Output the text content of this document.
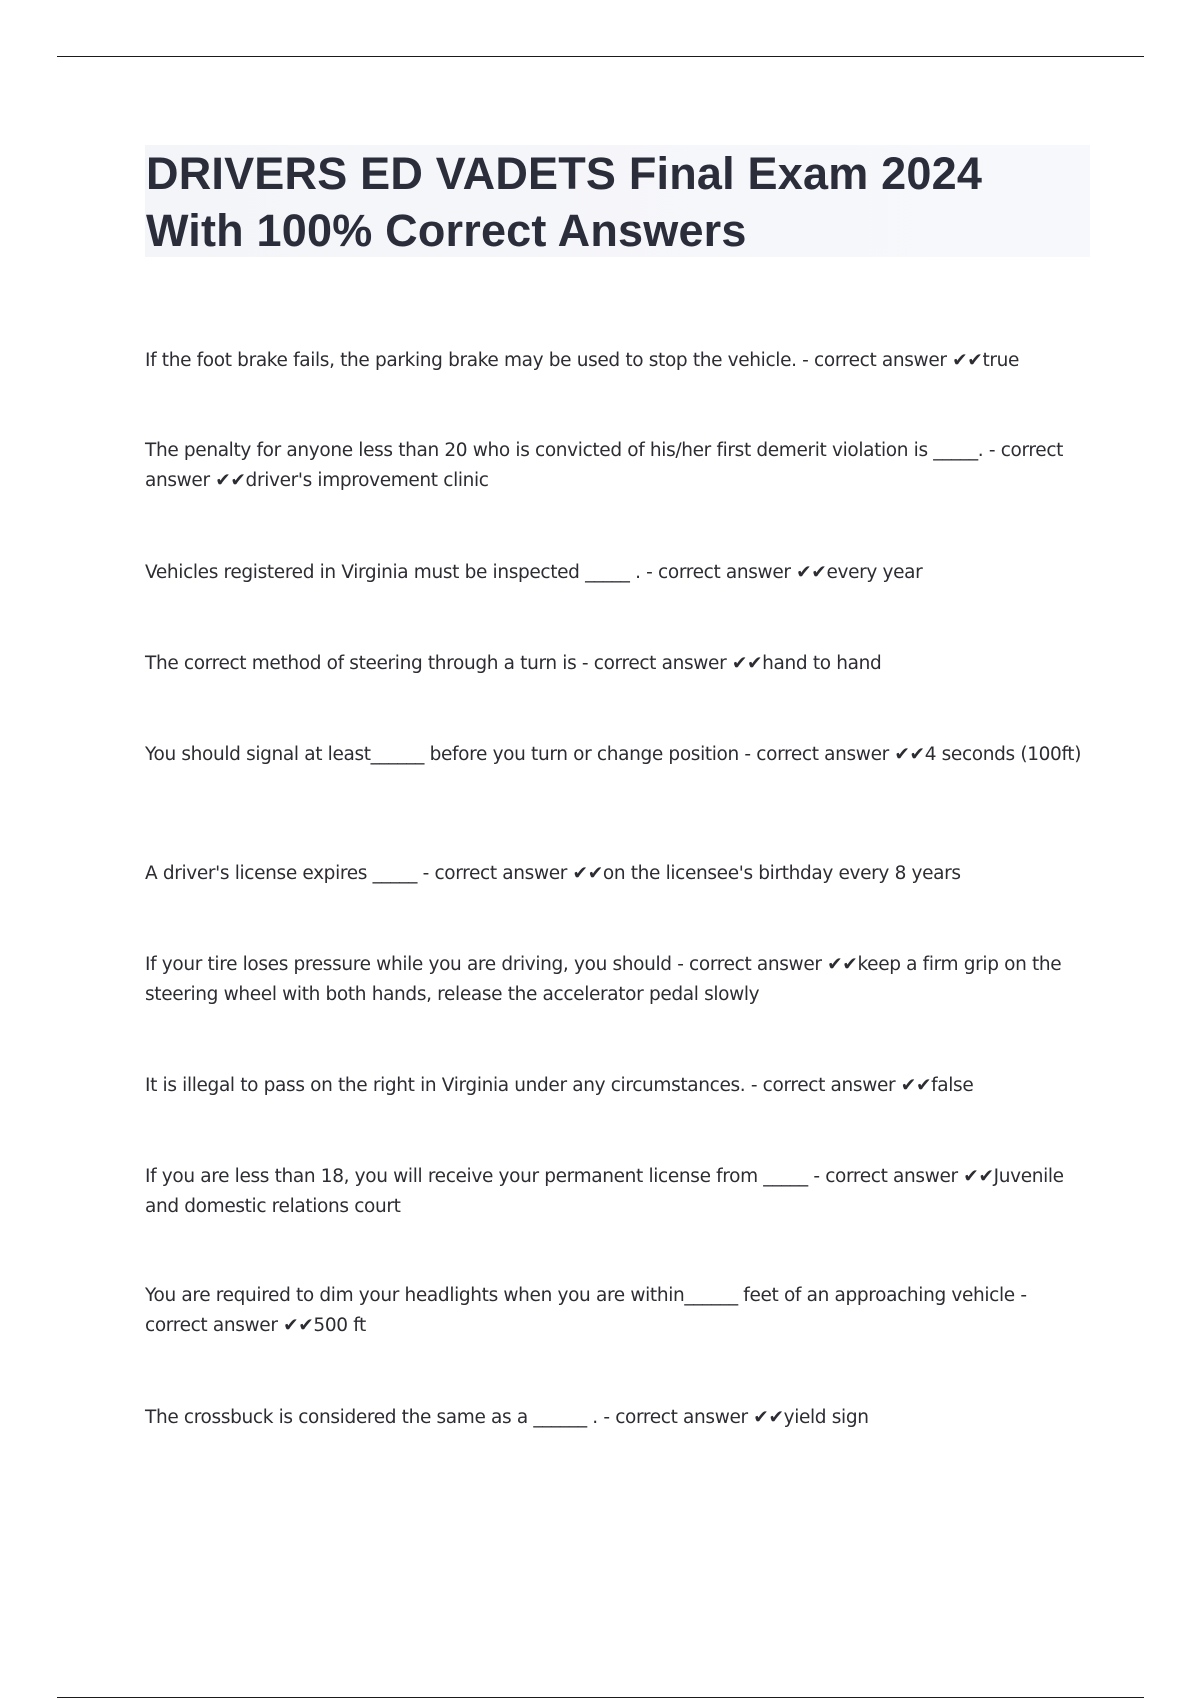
DRIVERS ED VADETS Final Exam 2024 With 100% Correct Answers

If the foot brake fails, the parking brake may be used to stop the vehicle. - correct answer ✔✔true

The penalty for anyone less than 20 who is convicted of his/her first demerit violation is _____. - correct answer ✔✔driver's improvement clinic

Vehicles registered in Virginia must be inspected _____ . - correct answer ✔✔every year

The correct method of steering through a turn is - correct answer ✔✔hand to hand

You should signal at least______ before you turn or change position - correct answer ✔✔4 seconds (100ft)

A driver's license expires _____ - correct answer ✔✔on the licensee's birthday every 8 years

If your tire loses pressure while you are driving, you should - correct answer ✔✔keep a firm grip on the steering wheel with both hands, release the accelerator pedal slowly

It is illegal to pass on the right in Virginia under any circumstances. - correct answer ✔✔false

If you are less than 18, you will receive your permanent license from _____ - correct answer ✔✔Juvenile and domestic relations court

You are required to dim your headlights when you are within______ feet of an approaching vehicle - correct answer ✔✔500 ft

The crossbuck is considered the same as a ______ . - correct answer ✔✔yield sign
